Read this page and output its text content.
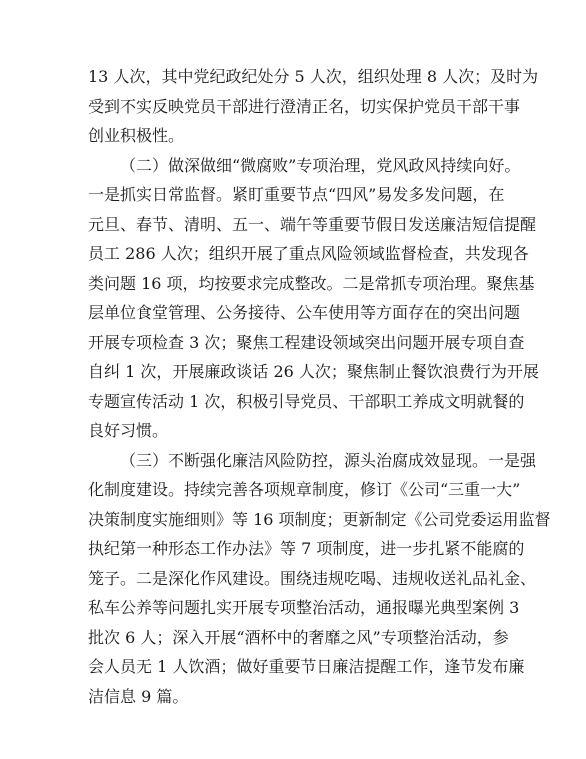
13 人次，其中党纪政纪处分 5 人次，组织处理 8 人次；及时为
受到不实反映党员干部进行澄清正名，切实保护党员干部干事
创业积极性。
（二）做深做细“微腐败”专项治理，党风政风持续向好。
一是抓实日常监督。紧盯重要节点“四风”易发多发问题，在
元旦、春节、清明、五一、端午等重要节假日发送廉洁短信提醒
员工 286 人次；组织开展了重点风险领域监督检查，共发现各
类问题 16 项，均按要求完成整改。二是常抓专项治理。聚焦基
层单位食堂管理、公务接待、公车使用等方面存在的突出问题
开展专项检查 3 次；聚焦工程建设领域突出问题开展专项自查
自纠 1 次，开展廉政谈话 26 人次；聚焦制止餐饮浪费行为开展
专题宣传活动 1 次，积极引导党员、干部职工养成文明就餐的
良好习惯。
（三）不断强化廉洁风险防控，源头治腐成效显现。一是强
化制度建设。持续完善各项规章制度，修订《公司“三重一大”
决策制度实施细则》等 16 项制度；更新制定《公司党委运用监督
执纪第一种形态工作办法》等 7 项制度，进一步扎紧不能腐的
笼子。二是深化作风建设。围绕违规吃喝、违规收送礼品礼金、
私车公养等问题扎实开展专项整治活动，通报曝光典型案例 3
批次 6 人；深入开展“酒杯中的奢靡之风”专项整治活动，参
会人员无 1 人饮酒；做好重要节日廉洁提醒工作，逢节发布廉
洁信息 9 篇。
